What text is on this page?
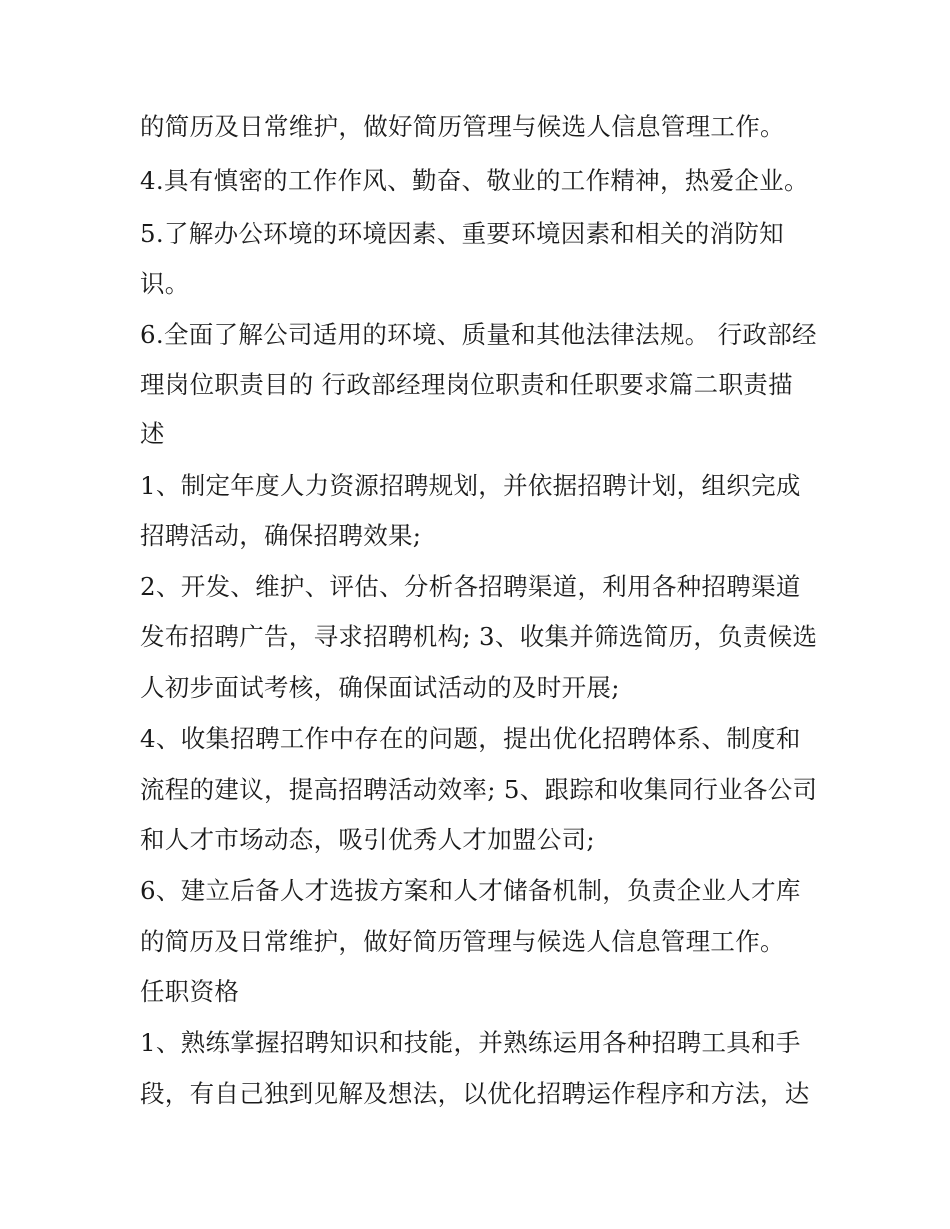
的简历及日常维护，做好简历管理与候选人信息管理工作。
4.具有慎密的工作作风、勤奋、敬业的工作精神，热爱企业。
5.了解办公环境的环境因素、重要环境因素和相关的消防知
识。
6.全面了解公司适用的环境、质量和其他法律法规。 行政部经
理岗位职责目的 行政部经理岗位职责和任职要求篇二职责描
述
1、制定年度人力资源招聘规划，并依据招聘计划，组织完成
招聘活动，确保招聘效果;
2、开发、维护、评估、分析各招聘渠道，利用各种招聘渠道
发布招聘广告，寻求招聘机构; 3、收集并筛选简历，负责候选
人初步面试考核，确保面试活动的及时开展;
4、收集招聘工作中存在的问题，提出优化招聘体系、制度和
流程的建议，提高招聘活动效率; 5、跟踪和收集同行业各公司
和人才市场动态，吸引优秀人才加盟公司;
6、建立后备人才选拔方案和人才储备机制，负责企业人才库
的简历及日常维护，做好简历管理与候选人信息管理工作。
任职资格
1、熟练掌握招聘知识和技能，并熟练运用各种招聘工具和手
段，有自己独到见解及想法，以优化招聘运作程序和方法，达
